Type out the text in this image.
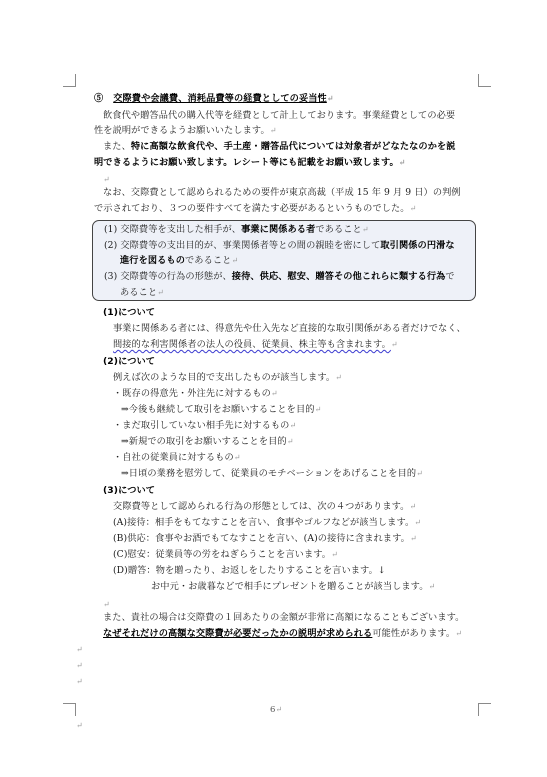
⑤ 交際費や会議費、消耗品費等の経費としての妥当性↵
飲食代や贈答品代の購入代等を経費として計上しております。事業経費としての必要
性を説明ができるようお願いいたします。↵
また、特に高額な飲食代や、手土産・贈答品代については対象者がどなたなのかを説
明できるようにお願い致します。レシート等にも記載をお願い致します。↵
↵
なお、交際費として認められるための要件が東京高裁（平成 15 年 9 月 9 日）の判例
で示されており、３つの要件すべてを満たす必要があるというものでした。↵
(1) 交際費等を支出した相手が、事業に関係ある者であること↵
(2) 交際費等の支出目的が、事業関係者等との間の親睦を密にして取引関係の円滑な
進行を図るものであること↵
(3) 交際費等の行為の形態が、接待、供応、慰安、贈答その他これらに類する行為で
あること↵
(1)について
事業に関係ある者には、得意先や仕入先など直接的な取引関係がある者だけでなく、
間接的な利害関係者の法人の役員、従業員、株主等も含まれます。↵
(2)について
例えば次のような目的で支出したものが該当します。↵
・既存の得意先・外注先に対するもの↵
⇒今後も継続して取引をお願いすることを目的↵
・まだ取引していない相手先に対するもの↵
⇒新規での取引をお願いすることを目的↵
・自社の従業員に対するもの↵
⇒日頃の業務を慰労して、従業員のモチベーションをあげることを目的↵
(3)について
交際費等として認められる行為の形態としては、次の４つがあります。↵
(A)接待：相手をもてなすことを言い、食事やゴルフなどが該当します。↵
(B)供応：食事やお酒でもてなすことを言い、(A)の接待に含まれます。↵
(C)慰安：従業員等の労をねぎらうことを言います。↵
(D)贈答：物を贈ったり、お返しをしたりすることを言います。↓
お中元・お歳暮などで相手にプレゼントを贈ることが該当します。↵
↵
また、貴社の場合は交際費の１回あたりの金額が非常に高額になることもございます。
なぜそれだけの高額な交際費が必要だったかの説明が求められる可能性があります。↵
↵
↵
↵
6↵
↵
